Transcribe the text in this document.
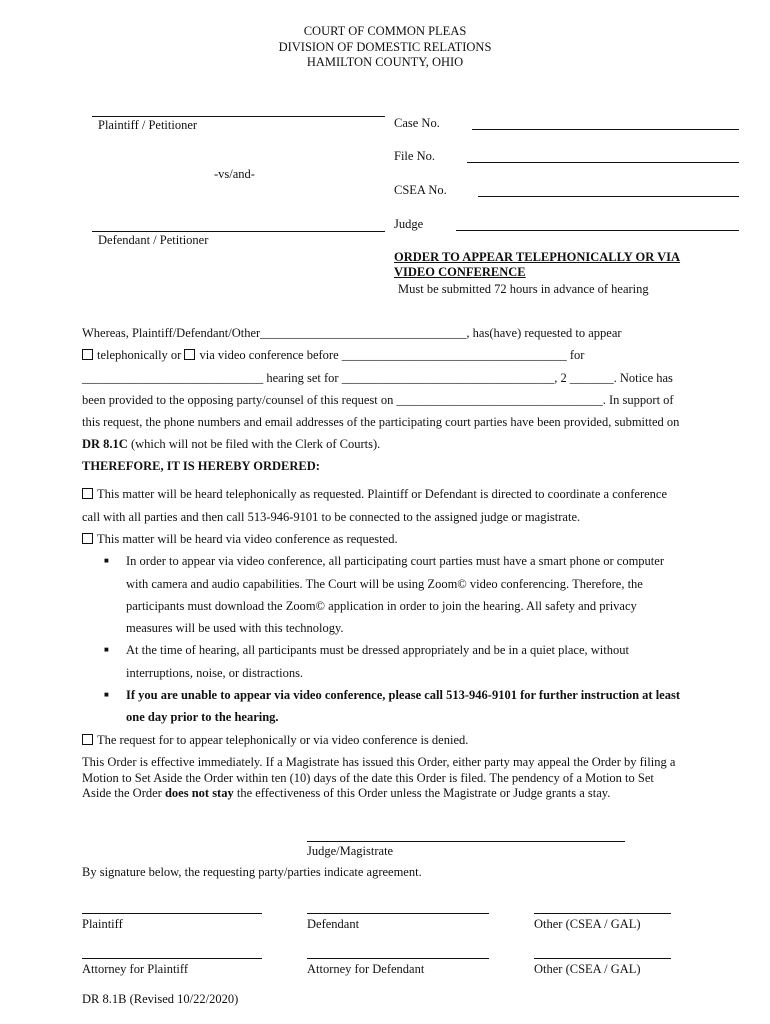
COURT OF COMMON PLEAS
DIVISION OF DOMESTIC RELATIONS
HAMILTON COUNTY, OHIO
Plaintiff / Petitioner
-vs/and-
Defendant / Petitioner
Case No.
File No.
CSEA No.
Judge
ORDER TO APPEAR TELEPHONICALLY OR VIA
VIDEO CONFERENCE
Must be submitted 72 hours in advance of hearing
Whereas, Plaintiff/Defendant/Other_________________________________, has(have) requested to appear
telephonically or via video conference before ____________________________________ for
_____________________________ hearing set for __________________________________, 2 _______. Notice has
been provided to the opposing party/counsel of this request on _________________________________. In support of
this request, the phone numbers and email addresses of the participating court parties have been provided, submitted on
DR 8.1C (which will not be filed with the Clerk of Courts).
THEREFORE, IT IS HEREBY ORDERED:
This matter will be heard telephonically as requested. Plaintiff or Defendant is directed to coordinate a conference
call with all parties and then call 513-946-9101 to be connected to the assigned judge or magistrate.
This matter will be heard via video conference as requested.
■ In order to appear via video conference, all participating court parties must have a smart phone or computer
with camera and audio capabilities. The Court will be using Zoom© video conferencing. Therefore, the
participants must download the Zoom© application in order to join the hearing. All safety and privacy
measures will be used with this technology.
■ At the time of hearing, all participants must be dressed appropriately and be in a quiet place, without
interruptions, noise, or distractions.
■ If you are unable to appear via video conference, please call 513-946-9101 for further instruction at least
one day prior to the hearing.
The request for to appear telephonically or via video conference is denied.
This Order is effective immediately. If a Magistrate has issued this Order, either party may appeal the Order by filing a
Motion to Set Aside the Order within ten (10) days of the date this Order is filed. The pendency of a Motion to Set
Aside the Order does not stay the effectiveness of this Order unless the Magistrate or Judge grants a stay.
Judge/Magistrate
By signature below, the requesting party/parties indicate agreement.
Plaintiff	Defendant	Other (CSEA / GAL)
Attorney for Plaintiff	Attorney for Defendant	Other (CSEA / GAL)
DR 8.1B (Revised 10/22/2020)
